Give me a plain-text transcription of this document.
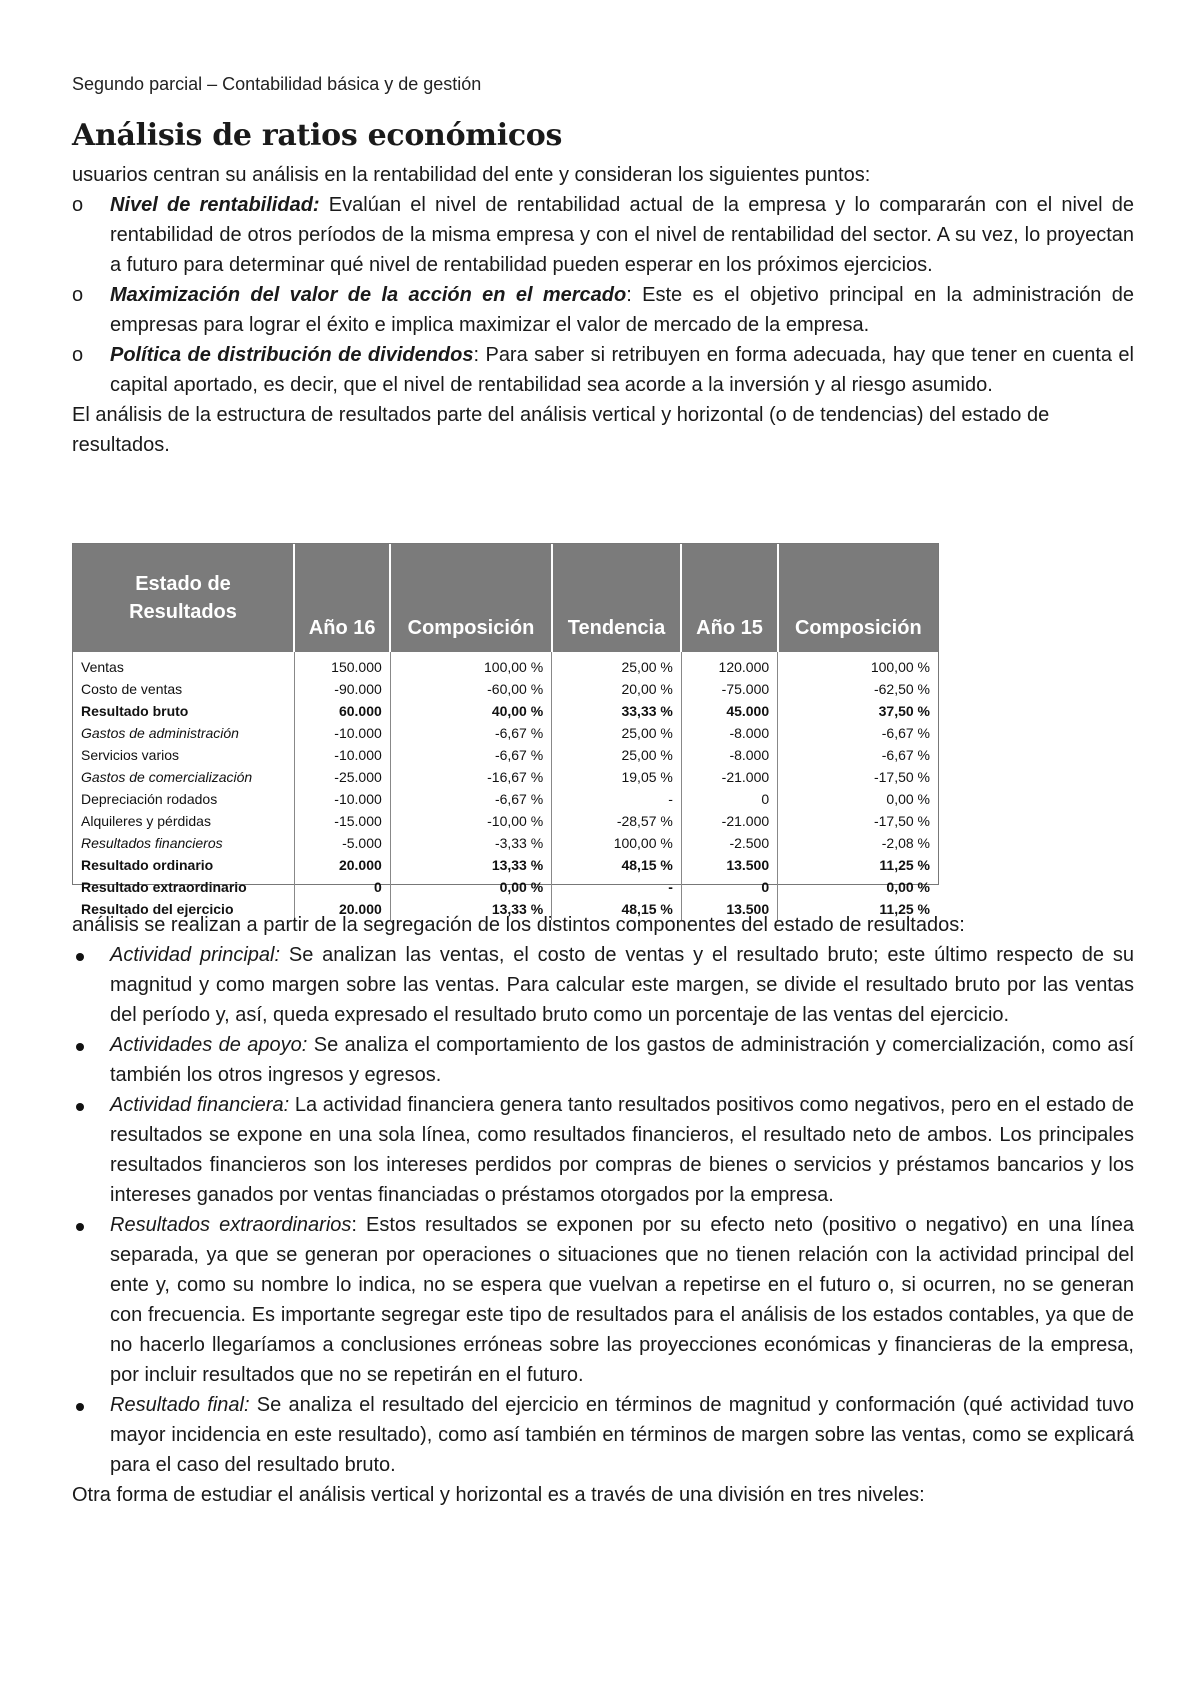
Segundo parcial – Contabilidad básica y de gestión
Análisis de ratios económicos
usuarios centran su análisis en la rentabilidad del ente y consideran los siguientes puntos:
o	Nivel de rentabilidad: Evalúan el nivel de rentabilidad actual de la empresa y lo compararán con el nivel de rentabilidad de otros períodos de la misma empresa y con el nivel de rentabilidad del sector. A su vez, lo proyectan a futuro para determinar qué nivel de rentabilidad pueden esperar en los próximos ejercicios.
o	Maximización del valor de la acción en el mercado: Este es el objetivo principal en la administración de empresas para lograr el éxito e implica maximizar el valor de mercado de la empresa.
o	Política de distribución de dividendos: Para saber si retribuyen en forma adecuada, hay que tener en cuenta el capital aportado, es decir, que el nivel de rentabilidad sea acorde a la inversión y al riesgo asumido.
El análisis de la estructura de resultados parte del análisis vertical y horizontal (o de tendencias) del estado de resultados.
Estado de
Resultados	Año 16	Composición	Tendencia	Año 15	Composición
Ventas	150.000	100,00 %	25,00 %	120.000	100,00 %
Costo de ventas	-90.000	-60,00 %	20,00 %	-75.000	-62,50 %
Resultado bruto	60.000	40,00 %	33,33 %	45.000	37,50 %
Gastos de administración	-10.000	-6,67 %	25,00 %	-8.000	-6,67 %
Servicios varios	-10.000	-6,67 %	25,00 %	-8.000	-6,67 %
Gastos de comercialización	-25.000	-16,67 %	19,05 %	-21.000	-17,50 %
Depreciación rodados	-10.000	-6,67 %	-	0	0,00 %
Alquileres y pérdidas	-15.000	-10,00 %	-28,57 %	-21.000	-17,50 %
Resultados financieros	-5.000	-3,33 %	100,00 %	-2.500	-2,08 %
Resultado ordinario	20.000	13,33 %	48,15 %	13.500	11,25 %
Resultado extraordinario	0	0,00 %	-	0	0,00 %
Resultado del ejercicio	20.000	13,33 %	48,15 %	13.500	11,25 %
análisis se realizan a partir de la segregación de los distintos componentes del estado de resultados:
Actividad principal: Se analizan las ventas, el costo de ventas y el resultado bruto; este último respecto de su magnitud y como margen sobre las ventas. Para calcular este margen, se divide el resultado bruto por las ventas del período y, así, queda expresado el resultado bruto como un porcentaje de las ventas del ejercicio.
Actividades de apoyo: Se analiza el comportamiento de los gastos de administración y comercialización, como así también los otros ingresos y egresos.
Actividad financiera: La actividad financiera genera tanto resultados positivos como negativos, pero en el estado de resultados se expone en una sola línea, como resultados financieros, el resultado neto de ambos. Los principales resultados financieros son los intereses perdidos por compras de bienes o servicios y préstamos bancarios y los intereses ganados por ventas financiadas o préstamos otorgados por la empresa.
Resultados extraordinarios: Estos resultados se exponen por su efecto neto (positivo o negativo) en una línea separada, ya que se generan por operaciones o situaciones que no tienen relación con la actividad principal del ente y, como su nombre lo indica, no se espera que vuelvan a repetirse en el futuro o, si ocurren, no se generan con frecuencia. Es importante segregar este tipo de resultados para el análisis de los estados contables, ya que de no hacerlo llegaríamos a conclusiones erróneas sobre las proyecciones económicas y financieras de la empresa, por incluir resultados que no se repetirán en el futuro.
Resultado final: Se analiza el resultado del ejercicio en términos de magnitud y conformación (qué actividad tuvo mayor incidencia en este resultado), como así también en términos de margen sobre las ventas, como se explicará para el caso del resultado bruto.
Otra forma de estudiar el análisis vertical y horizontal es a través de una división en tres niveles:
